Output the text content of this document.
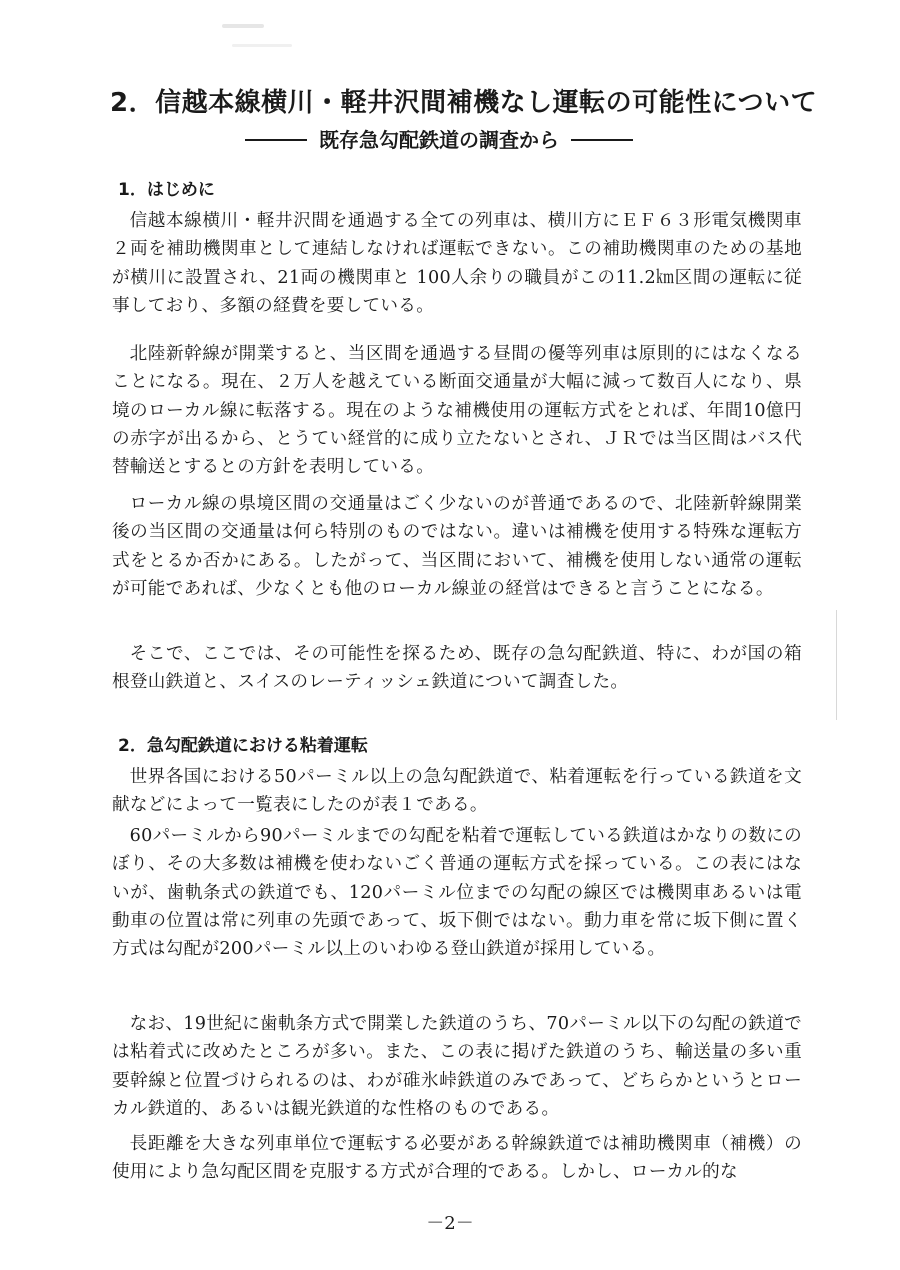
2．信越本線横川・軽井沢間補機なし運転の可能性について
既存急勾配鉄道の調査から
1．はじめに

信越本線横川・軽井沢間を通過する全ての列車は、横川方にＥＦ６３形電気機関車２両を補助機関車として連結しなければ運転できない。この補助機関車のための基地が横川に設置され、21両の機関車と 100人余りの職員がこの11.2㎞区間の運転に従事しており、多額の経費を要している。

北陸新幹線が開業すると、当区間を通過する昼間の優等列車は原則的にはなくなることになる。現在、２万人を越えている断面交通量が大幅に減って数百人になり、県境のローカル線に転落する。現在のような補機使用の運転方式をとれば、年間10億円の赤字が出るから、とうてい経営的に成り立たないとされ、ＪＲでは当区間はバス代替輸送とするとの方針を表明している。

ローカル線の県境区間の交通量はごく少ないのが普通であるので、北陸新幹線開業後の当区間の交通量は何ら特別のものではない。違いは補機を使用する特殊な運転方式をとるか否かにある。したがって、当区間において、補機を使用しない通常の運転が可能であれば、少なくとも他のローカル線並の経営はできると言うことになる。

そこで、ここでは、その可能性を探るため、既存の急勾配鉄道、特に、わが国の箱根登山鉄道と、スイスのレーティッシェ鉄道について調査した。

2．急勾配鉄道における粘着運転

世界各国における50パーミル以上の急勾配鉄道で、粘着運転を行っている鉄道を文献などによって一覧表にしたのが表１である。

60パーミルから90パーミルまでの勾配を粘着で運転している鉄道はかなりの数にのぼり、その大多数は補機を使わないごく普通の運転方式を採っている。この表にはないが、歯軌条式の鉄道でも、120パーミル位までの勾配の線区では機関車あるいは電動車の位置は常に列車の先頭であって、坂下側ではない。動力車を常に坂下側に置く方式は勾配が200パーミル以上のいわゆる登山鉄道が採用している。

なお、19世紀に歯軌条方式で開業した鉄道のうち、70パーミル以下の勾配の鉄道では粘着式に改めたところが多い。また、この表に掲げた鉄道のうち、輸送量の多い重要幹線と位置づけられるのは、わが碓氷峠鉄道のみであって、どちらかというとローカル鉄道的、あるいは観光鉄道的な性格のものである。

長距離を大きな列車単位で運転する必要がある幹線鉄道では補助機関車（補機）の使用により急勾配区間を克服する方式が合理的である。しかし、ローカル的な

－2－
